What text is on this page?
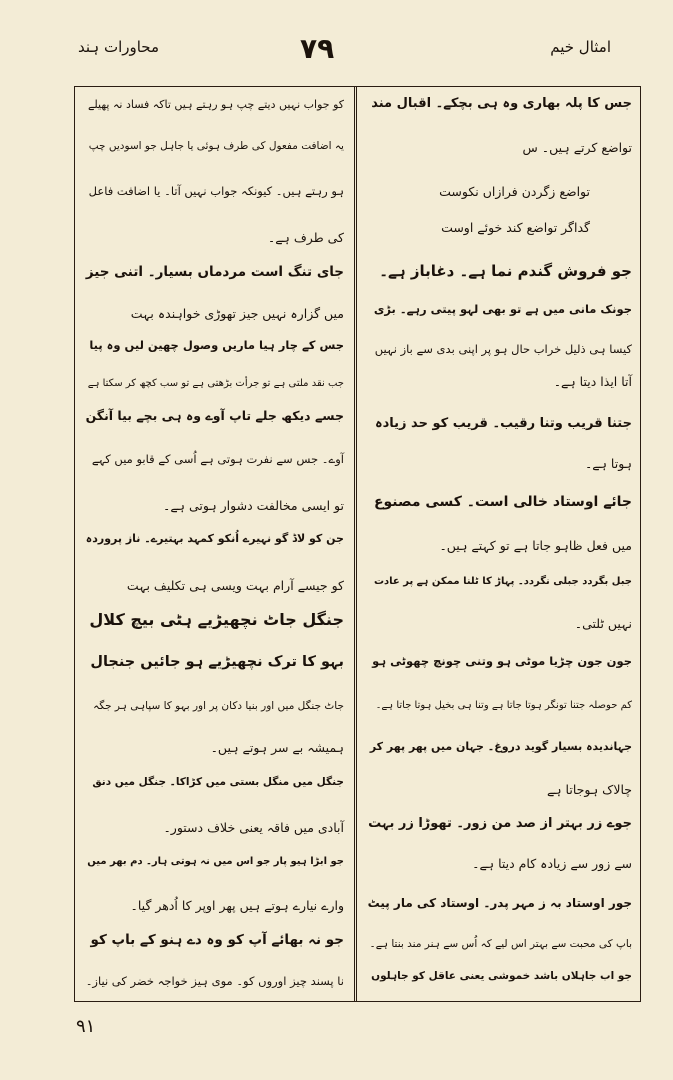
امثال خیم
۷۹
محاورات ہند
جس کا پلہ بھاری وہ ہی بچکے۔ اقبال مند
تواضع کرتے ہیں۔ س
تواضع زگردن فرازاں نکوست
گداگر تواضع کند خوئے اوست
جو فروش گندم نما ہے۔ دغاباز ہے۔
جونک مانی میں ہے تو بھی لہو پیتی رہے۔ بڑی
کیسا ہی ذلیل خراب حال ہو پر اپنی بدی سے باز نہیں
آتا ایذا دیتا ہے۔
جتنا قریب وتنا رقیب۔ قریب کو حد زیادہ
ہوتا ہے۔
جائے اوستاد خالی است۔ کسی مصنوع
میں فعل ظاہو جاتا ہے تو کہتے ہیں۔
جبل بگردد جبلی نگردد۔ پہاڑ کا ٹلنا ممکن ہے پر عادت
نہیں ٹلتی۔
جون جون چڑیا موٹی ہو وتنی چونچ چھوٹی ہو
کم حوصلہ جتنا تونگر ہوتا جاتا ہے وتنا ہی بخیل ہوتا جاتا ہے۔
جہاندیدہ بسیار گوید دروغ۔ جہان میں پھر پھر کر
چالاک ہوجاتا ہے
جوے زر بہتر از صد من زور۔ تھوڑا زر بہت
سے زور سے زیادہ کام دیتا ہے۔
جور اوستاد بہ ز مہر پدر۔ اوستاد کی مار پیٹ
باپ کی محبت سے بہتر اس لیے کہ اُس سے ہنر مند بنتا ہے۔
جو اب جاہلاں باشد خموشی یعنی عاقل کو جاہلوں
کو جواب نہیں دیتے چپ ہو رہتے ہیں تاکہ فساد نہ پھیلے
یہ اضافت مفعول کی طرف ہوئی یا جاہل جو اسودیں چپ
ہو رہتے ہیں۔ کیونکہ جواب نہیں آتا۔ یا اضافت فاعل
کی طرف ہے۔
جای تنگ است مردماں بسیار۔ اتنی جیز
میں گزارہ نہیں جیز تھوڑی خواہندہ بہت
جس کے چار ہیا ماریں وصول چھین لیں وہ پیا
جب نقد ملتی ہے تو جرأت بڑھتی ہے تو سب کچھ کر سکتا ہے
جسے دیکھ جلے تاپ آوے وہ ہی بچے بیا آنگن
آوے۔ جس سے نفرت ہوتی ہے اُسی کے قابو میں کہے
تو ایسی مخالفت دشوار ہوتی ہے۔
جن کو لاڈ گو نہیرے اُنکو کمہد بہتیرے۔ ناز پروردہ
کو جیسے آرام بہت ویسی ہی تکلیف بہت
جنگل جاٹ نچھیڑیے ہٹی بیچ کلال
بہو کا ترک نچھیڑیے ہو جائیں جنجال
جاٹ جنگل میں اور بنیا دکان پر اور بہو کا سپاہی ہر جگہ
ہمیشہ بے سر ہوتے ہیں۔
جنگل میں منگل بستی میں کڑاکا۔ جنگل میں دنق
آبادی میں فاقہ یعنی خلاف دستور۔
جو ابڑا ہیو پار جو اس میں نہ ہوتی ہار۔ دم بھر میں
وارے نیارے ہوتے ہیں پھر اوپر کا اُدھر گیا۔
جو نہ بھائے آپ کو وہ دے ہنو کے باپ کو
نا پسند چیز اوروں کو۔ موی ہیز خواجہ خضر کی نیاز۔
۹۱
